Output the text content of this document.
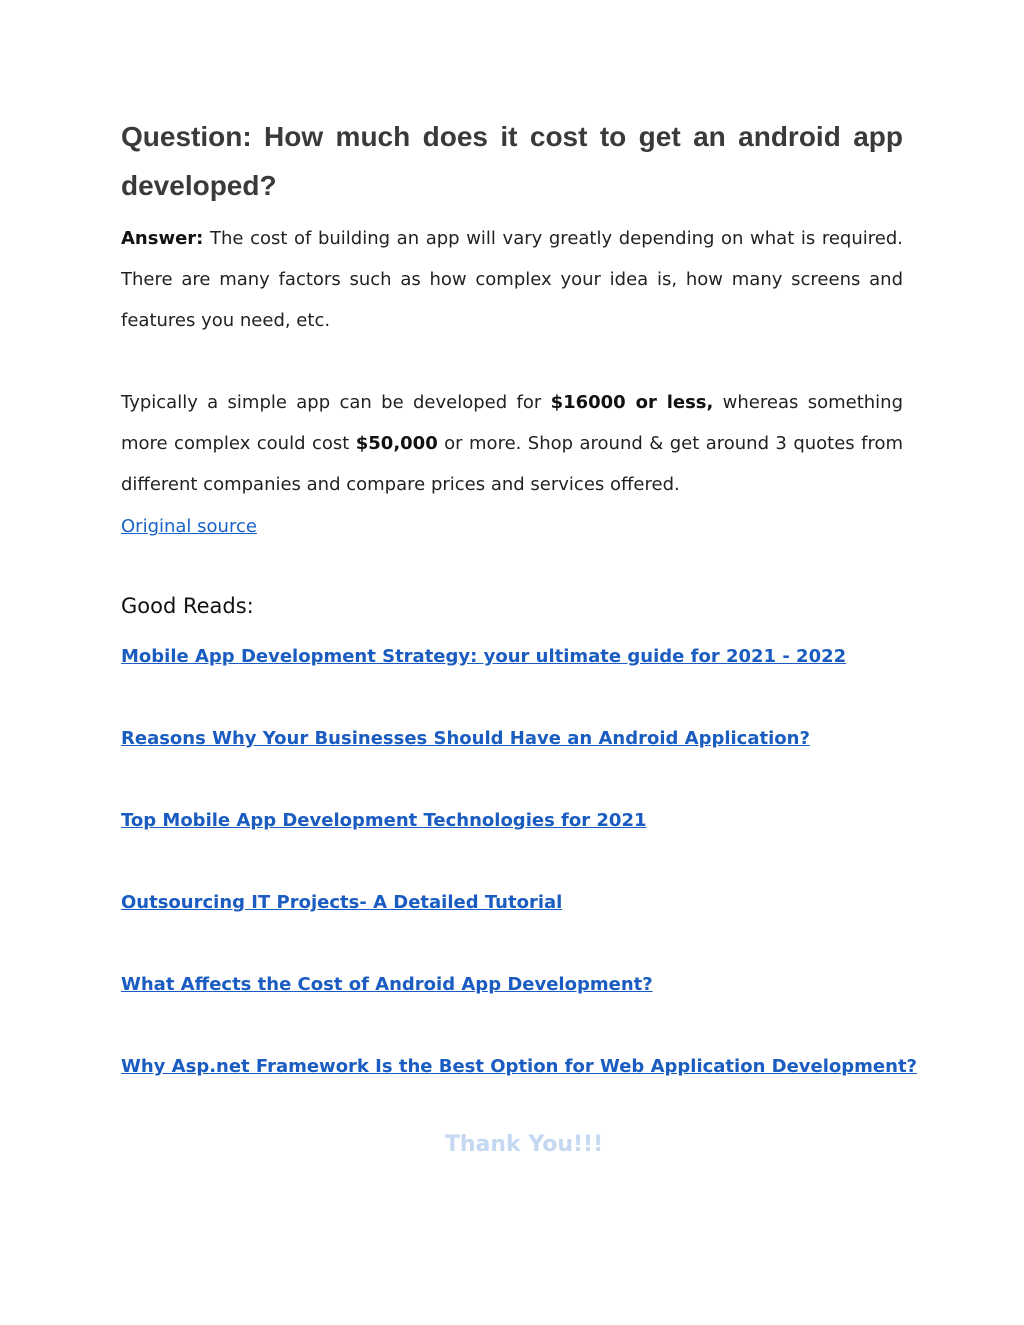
Question: How much does it cost to get an android app developed?

Answer: The cost of building an app will vary greatly depending on what is required. There are many factors such as how complex your idea is, how many screens and features you need, etc.

Typically a simple app can be developed for $16000 or less, whereas something more complex could cost $50,000 or more. Shop around & get around 3 quotes from different companies and compare prices and services offered.

Original source
Good Reads:
Mobile App Development Strategy: your ultimate guide for 2021 - 2022
Reasons Why Your Businesses Should Have an Android Application?
Top Mobile App Development Technologies for 2021
Outsourcing IT Projects- A Detailed Tutorial
What Affects the Cost of Android App Development?
Why Asp.net Framework Is the Best Option for Web Application Development?
Thank You!!!
